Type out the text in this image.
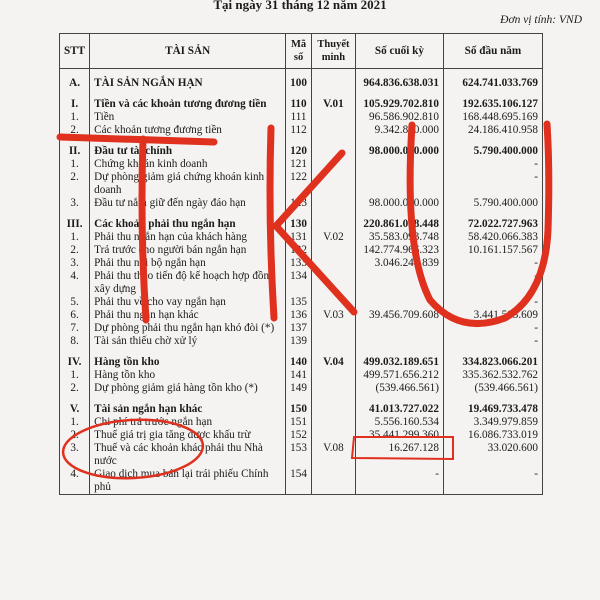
Tại ngày 31 tháng 12 năm 2021
Đơn vị tính: VND
STT	TÀI SẢN	Mã số	Thuyết minh	Số cuối kỳ	Số đầu năm

A.	TÀI SẢN NGẮN HẠN	100		964.836.638.031	624.741.033.769

I.	Tiền và các khoản tương đương tiền	110	V.01	105.929.702.810	192.635.106.127
1.	Tiền	111		96.586.902.810	168.448.695.169
2.	Các khoản tương đương tiền	112		9.342.800.000	24.186.410.958

II.	Đầu tư tài chính	120		98.000.000.000	5.790.400.000
1.	Chứng khoán kinh doanh	121			-
2.	Dự phòng giảm giá chứng khoán kinh doanh	122			-
3.	Đầu tư nắm giữ đến ngày đáo hạn	123		98.000.000.000	5.790.400.000

III.	Các khoản phải thu ngắn hạn	130		220.861.018.448	72.022.727.963
1.	Phải thu ngắn hạn của khách hàng	131	V.02	35.583.093.748	58.420.066.383
2.	Trả trước cho người bán ngắn hạn	132		142.774.966.323	10.161.157.567
3.	Phải thu nội bộ ngắn hạn	133		3.046.248.839	-
4.	Phải thu theo tiến độ kế hoạch hợp đồng xây dựng	134			-
5.	Phải thu về cho vay ngắn hạn	135			-
6.	Phải thu ngắn hạn khác	136	V.03	39.456.709.608	3.441.503.609
7.	Dự phòng phải thu ngắn hạn khó đòi (*)	137			-
8.	Tài sản thiếu chờ xử lý	139			-

IV.	Hàng tồn kho	140	V.04	499.032.189.651	334.823.066.201
1.	Hàng tồn kho	141		499.571.656.212	335.362.532.762
2.	Dự phòng giảm giá hàng tồn kho (*)	149		(539.466.561)	(539.466.561)

V.	Tài sản ngắn hạn khác	150		41.013.727.022	19.469.733.478
1.	Chi phí trả trước ngắn hạn	151		5.556.160.534	3.349.979.859
2.	Thuế giá trị gia tăng được khấu trừ	152		35.441.299.360	16.086.733.019
3.	Thuế và các khoản khác phải thu Nhà nước	153	V.08	16.267.128	33.020.600
4.	Giao dịch mua bán lại trái phiếu Chính phủ	154		-	-
